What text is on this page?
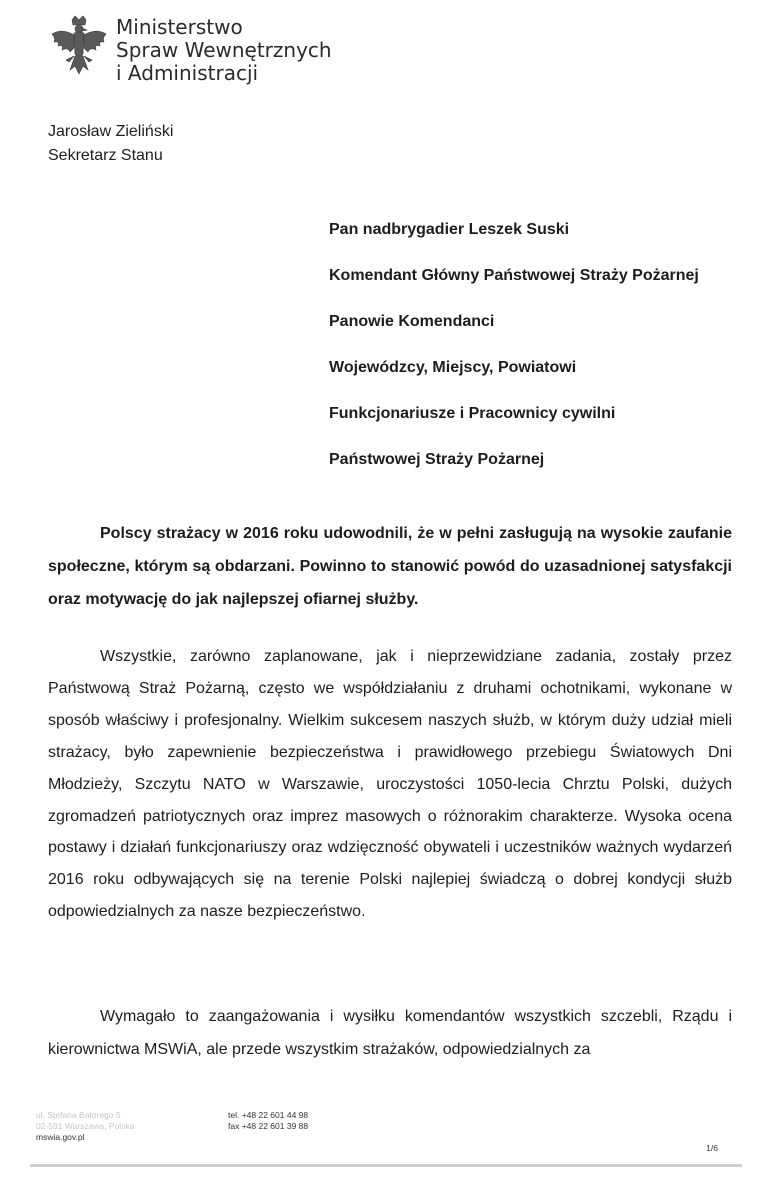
Ministerstwo
Spraw Wewnętrznych
i Administracji
Jarosław Zieliński
Sekretarz Stanu
Pan nadbrygadier Leszek Suski
Komendant Główny Państwowej Straży Pożarnej
Panowie Komendanci
Wojewódzcy, Miejscy, Powiatowi
Funkcjonariusze i Pracownicy cywilni
Państwowej Straży Pożarnej

Polscy strażacy w 2016 roku udowodnili, że w pełni zasługują na wysokie zaufanie społeczne, którym są obdarzani. Powinno to stanowić powód do uzasadnionej satysfakcji oraz motywację do jak najlepszej ofiarnej służby.

Wszystkie, zarówno zaplanowane, jak i nieprzewidziane zadania, zostały przez Państwową Straż Pożarną, często we współdziałaniu z druhami ochotnikami, wykonane w sposób właściwy i profesjonalny. Wielkim sukcesem naszych służb, w którym duży udział mieli strażacy, było zapewnienie bezpieczeństwa i prawidłowego przebiegu Światowych Dni Młodzieży, Szczytu NATO w Warszawie, uroczystości 1050-lecia Chrztu Polski, dużych zgromadzeń patriotycznych oraz imprez masowych o różnorakim charakterze. Wysoka ocena postawy i działań funkcjonariuszy oraz wdzięczność obywateli i uczestników ważnych wydarzeń 2016 roku odbywających się na terenie Polski najlepiej świadczą o dobrej kondycji służb odpowiedzialnych za nasze bezpieczeństwo.

Wymagało to zaangażowania i wysiłku komendantów wszystkich szczebli, Rządu i kierownictwa MSWiA, ale przede wszystkim strażaków, odpowiedzialnych za

ul. Stefana Batorego 5
02-591 Warszawa, Polska
mswia.gov.pl
tel. +48 22 601 44 98
fax +48 22 601 39 88
1/6
